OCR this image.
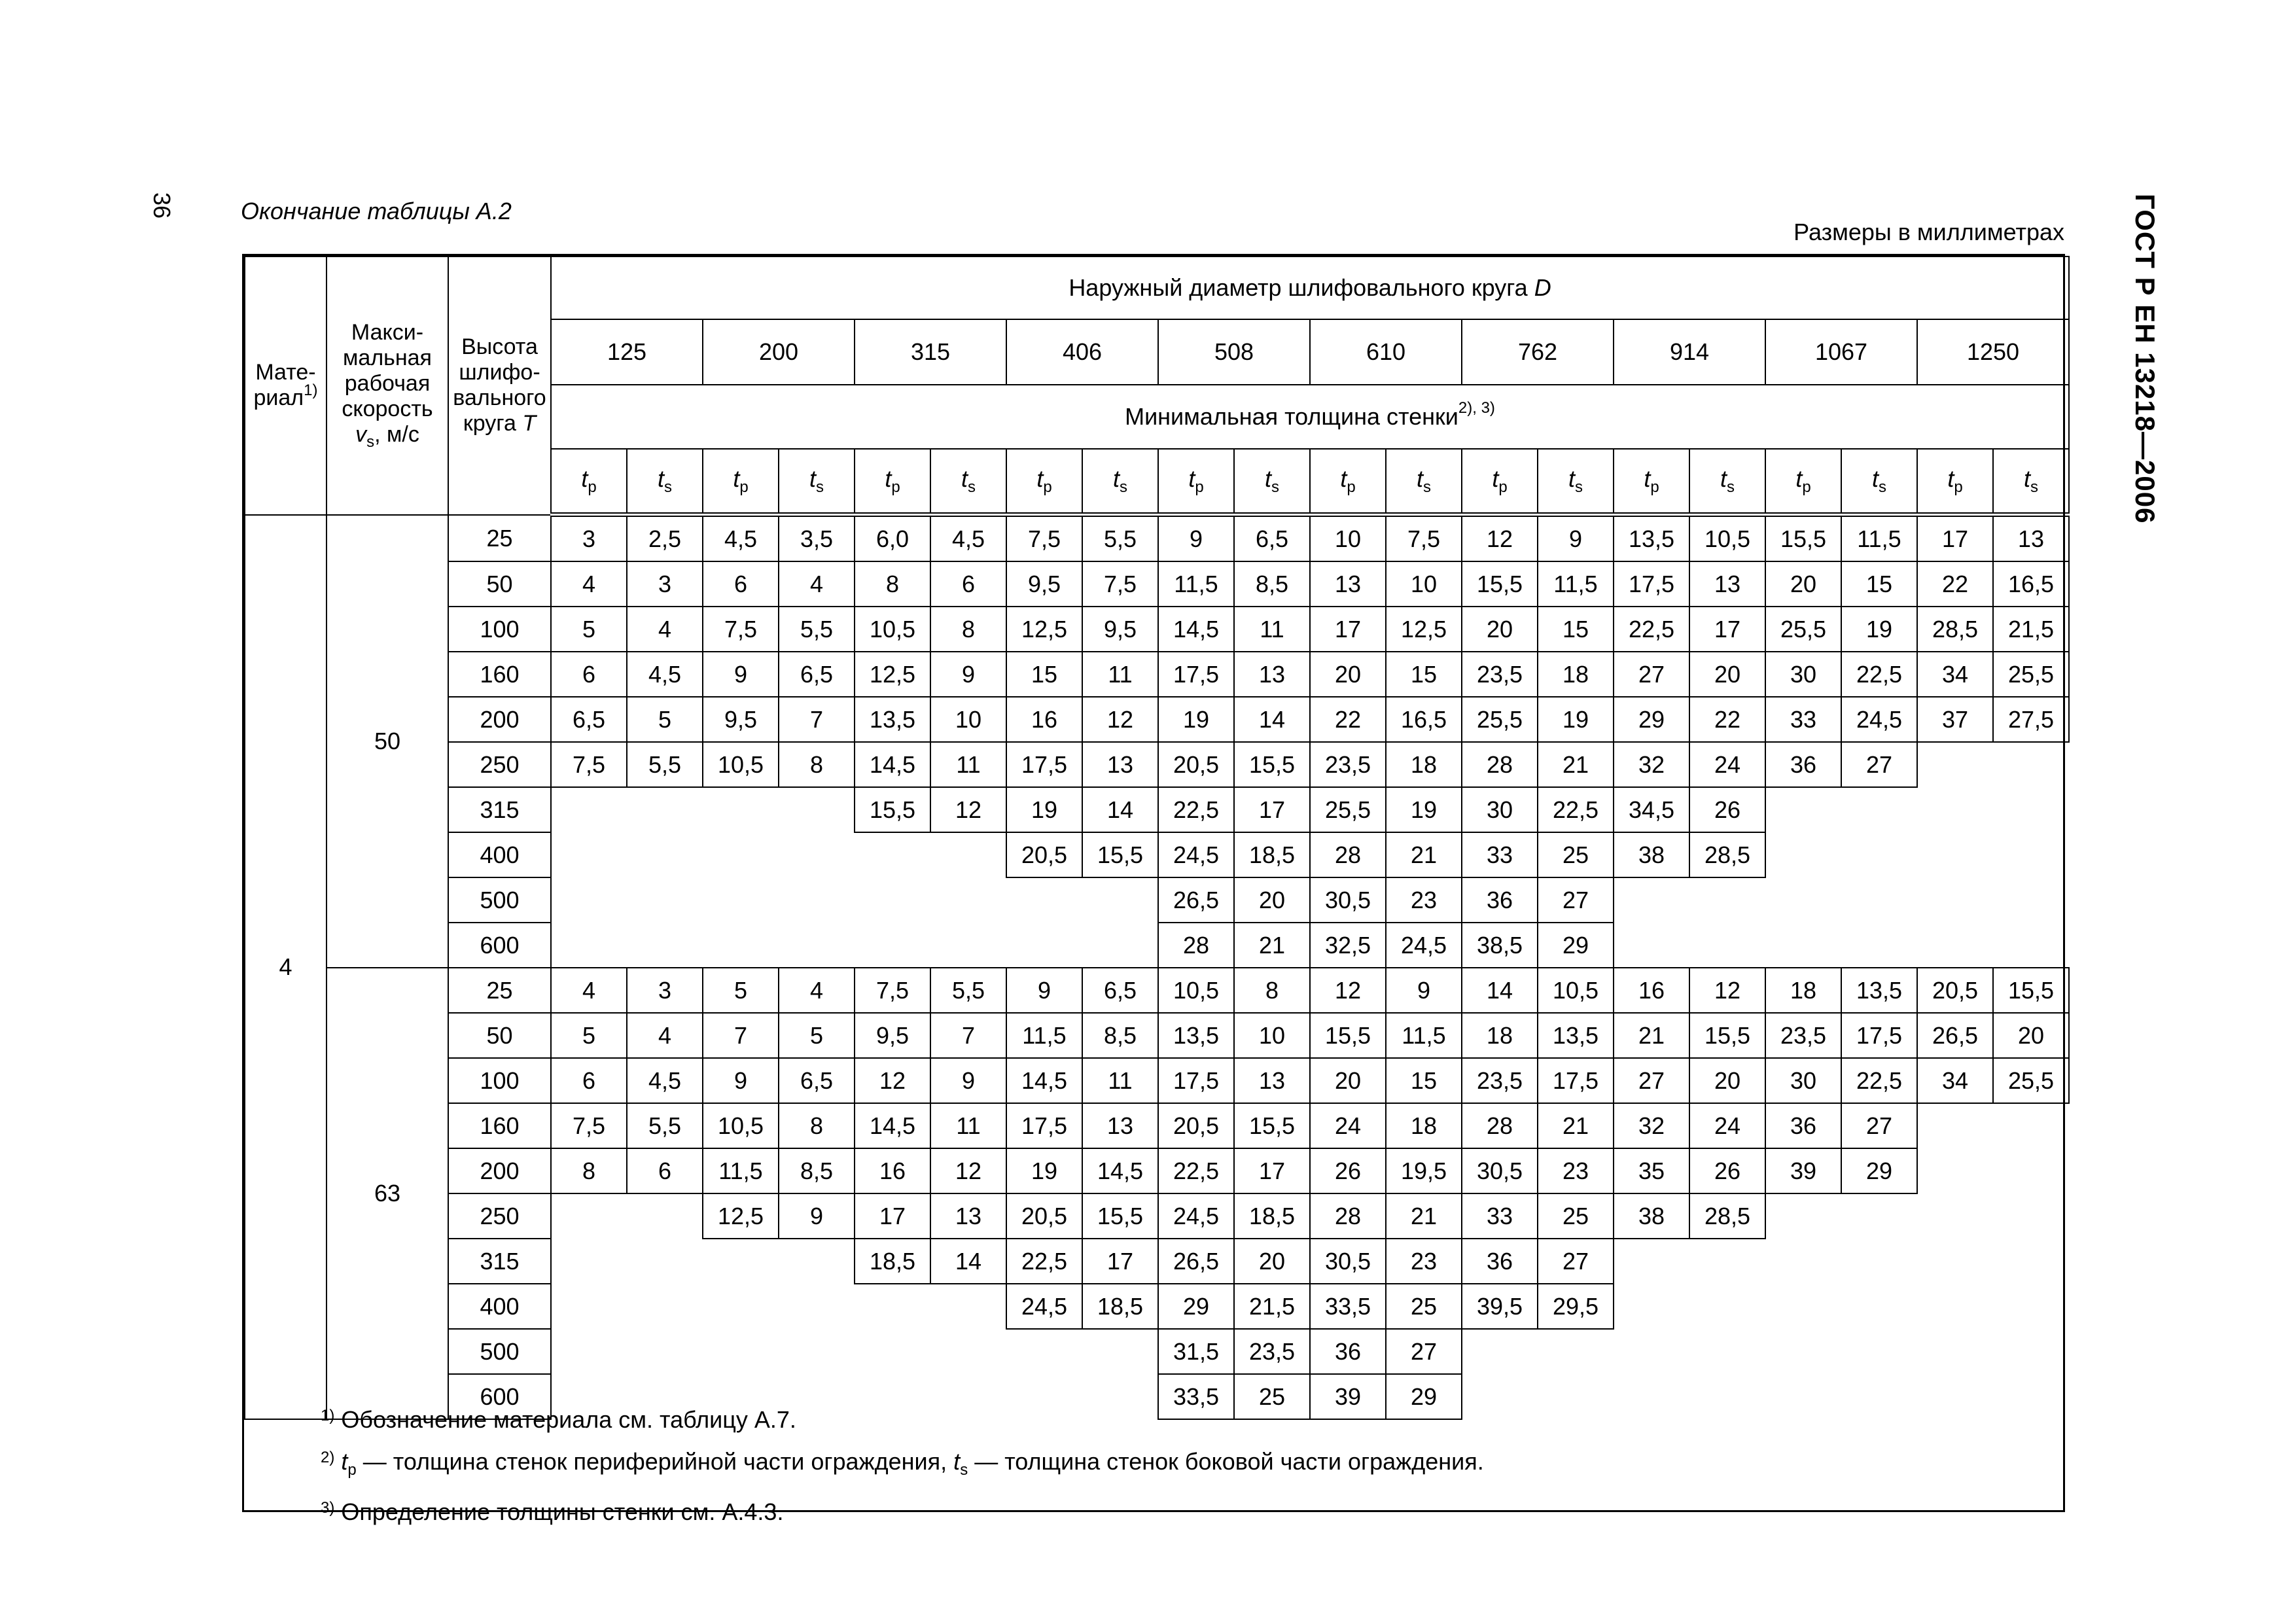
36	Окончание таблицы А.2	ГОСТ Р ЕН 13218—2006
Размеры в миллиметрах
Мате-
риал$^{1)}$	Макси-
мальная
рабочая
скорость
$v_s$, м/с	Высота
шлифо-
вального
круга T	Наружный диаметр шлифовального круга D																			
			125		200		315		406		508		610		762		914		1067		1250	
			Минимальная толщина стенки$^{2), 3)}$
			$t_p$	$t_s$	$t_p$	$t_s$	$t_p$	$t_s$	$t_p$	$t_s$	$t_p$	$t_s$	$t_p$	$t_s$	$t_p$	$t_s$	$t_p$	$t_s$	$t_p$	$t_s$	$t_p$	$t_s$
4	50	25	3	2,5	4,5	3,5	6,0	4,5	7,5	5,5	9	6,5	10	7,5	12	9	13,5	10,5	15,5	11,5	17	13
		50	4	3	6	4	8	6	9,5	7,5	11,5	8,5	13	10	15,5	11,5	17,5	13	20	15	22	16,5
		100	5	4	7,5	5,5	10,5	8	12,5	9,5	14,5	11	17	12,5	20	15	22,5	17	25,5	19	28,5	21,5
		160	6	4,5	9	6,5	12,5	9	15	11	17,5	13	20	15	23,5	18	27	20	30	22,5	34	25,5
		200	6,5	5	9,5	7	13,5	10	16	12	19	14	22	16,5	25,5	19	29	22	33	24,5	37	27,5
		250	7,5	5,5	10,5	8	14,5	11	17,5	13	20,5	15,5	23,5	18	28	21	32	24	36	27		
		315					15,5	12	19	14	22,5	17	25,5	19	30	22,5	34,5	26				
		400							20,5	15,5	24,5	18,5	28	21	33	25	38	28,5				
		500									26,5	20	30,5	23	36	27						
		600									28	21	32,5	24,5	38,5	29						
	63	25	4	3	5	4	7,5	5,5	9	6,5	10,5	8	12	9	14	10,5	16	12	18	13,5	20,5	15,5
		50	5	4	7	5	9,5	7	11,5	8,5	13,5	10	15,5	11,5	18	13,5	21	15,5	23,5	17,5	26,5	20
		100	6	4,5	9	6,5	12	9	14,5	11	17,5	13	20	15	23,5	17,5	27	20	30	22,5	34	25,5
		160	7,5	5,5	10,5	8	14,5	11	17,5	13	20,5	15,5	24	18	28	21	32	24	36	27		
		200	8	6	11,5	8,5	16	12	19	14,5	22,5	17	26	19,5	30,5	23	35	26	39	29		
		250			12,5	9	17	13	20,5	15,5	24,5	18,5	28	21	33	25	38	28,5				
		315					18,5	14	22,5	17	26,5	20	30,5	23	36	27						
		400							24,5	18,5	29	21,5	33,5	25	39,5	29,5						
		500									31,5	23,5	36	27								
		600									33,5	25	39	29								
$^{1)}$ Обозначение материала см. таблицу А.7.
$^{2)}$ $t_p$ — толщина стенок периферийной части ограждения, $t_s$ — толщина стенок боковой части ограждения.
$^{3)}$ Определение толщины стенки см. А.4.3.
